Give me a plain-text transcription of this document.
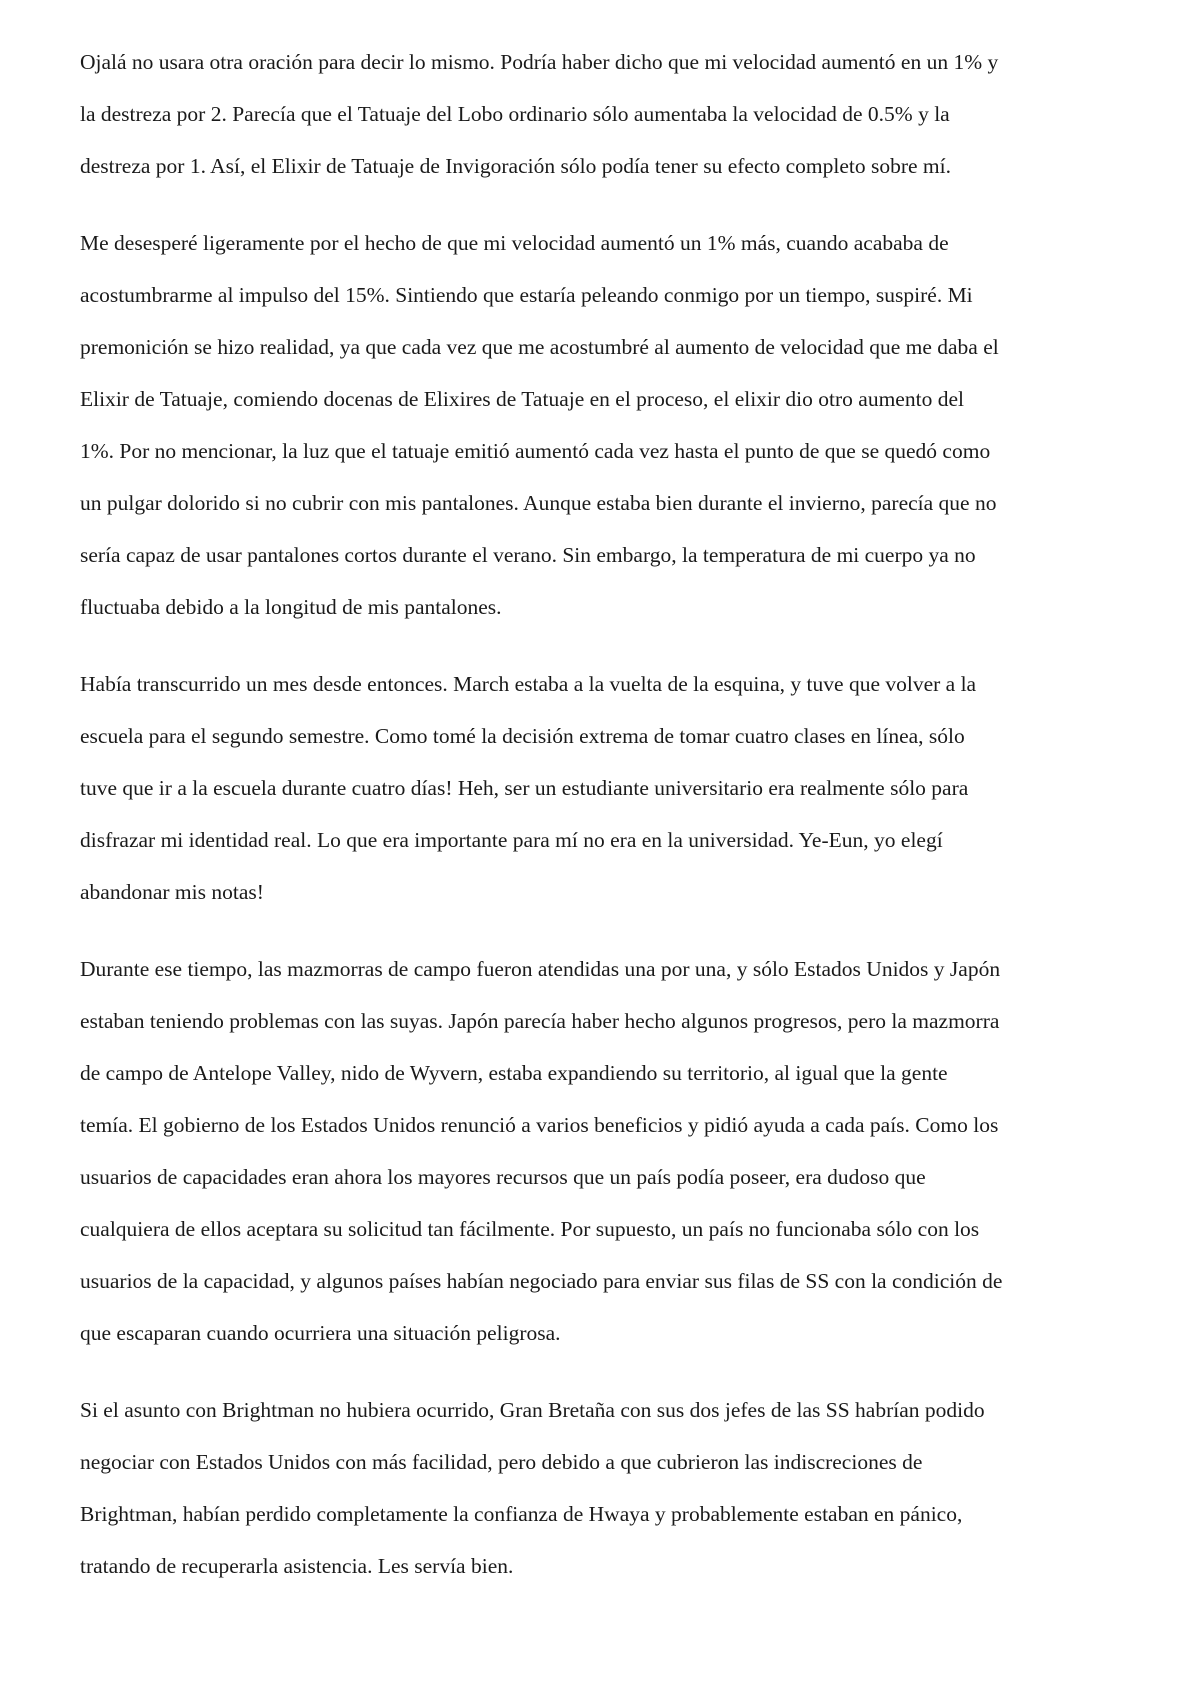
Ojalá no usara otra oración para decir lo mismo. Podría haber dicho que mi velocidad aumentó en un 1% y
la destreza por 2. Parecía que el Tatuaje del Lobo ordinario sólo aumentaba la velocidad de 0.5% y la
destreza por 1. Así, el Elixir de Tatuaje de Invigoración sólo podía tener su efecto completo sobre mí.

Me desesperé ligeramente por el hecho de que mi velocidad aumentó un 1% más, cuando acababa de
acostumbrarme al impulso del 15%. Sintiendo que estaría peleando conmigo por un tiempo, suspiré. Mi
premonición se hizo realidad, ya que cada vez que me acostumbré al aumento de velocidad que me daba el
Elixir de Tatuaje, comiendo docenas de Elixires de Tatuaje en el proceso, el elixir dio otro aumento del
1%. Por no mencionar, la luz que el tatuaje emitió aumentó cada vez hasta el punto de que se quedó como
un pulgar dolorido si no cubrir con mis pantalones. Aunque estaba bien durante el invierno, parecía que no
sería capaz de usar pantalones cortos durante el verano. Sin embargo, la temperatura de mi cuerpo ya no
fluctuaba debido a la longitud de mis pantalones.

Había transcurrido un mes desde entonces. March estaba a la vuelta de la esquina, y tuve que volver a la
escuela para el segundo semestre. Como tomé la decisión extrema de tomar cuatro clases en línea, sólo
tuve que ir a la escuela durante cuatro días! Heh, ser un estudiante universitario era realmente sólo para
disfrazar mi identidad real. Lo que era importante para mí no era en la universidad. Ye-Eun, yo elegí
abandonar mis notas!

Durante ese tiempo, las mazmorras de campo fueron atendidas una por una, y sólo Estados Unidos y Japón
estaban teniendo problemas con las suyas. Japón parecía haber hecho algunos progresos, pero la mazmorra
de campo de Antelope Valley, nido de Wyvern, estaba expandiendo su territorio, al igual que la gente
temía. El gobierno de los Estados Unidos renunció a varios beneficios y pidió ayuda a cada país. Como los
usuarios de capacidades eran ahora los mayores recursos que un país podía poseer, era dudoso que
cualquiera de ellos aceptara su solicitud tan fácilmente. Por supuesto, un país no funcionaba sólo con los
usuarios de la capacidad, y algunos países habían negociado para enviar sus filas de SS con la condición de
que escaparan cuando ocurriera una situación peligrosa.

Si el asunto con Brightman no hubiera ocurrido, Gran Bretaña con sus dos jefes de las SS habrían podido
negociar con Estados Unidos con más facilidad, pero debido a que cubrieron las indiscreciones de
Brightman, habían perdido completamente la confianza de Hwaya y probablemente estaban en pánico,
tratando de recuperarla asistencia. Les servía bien.
